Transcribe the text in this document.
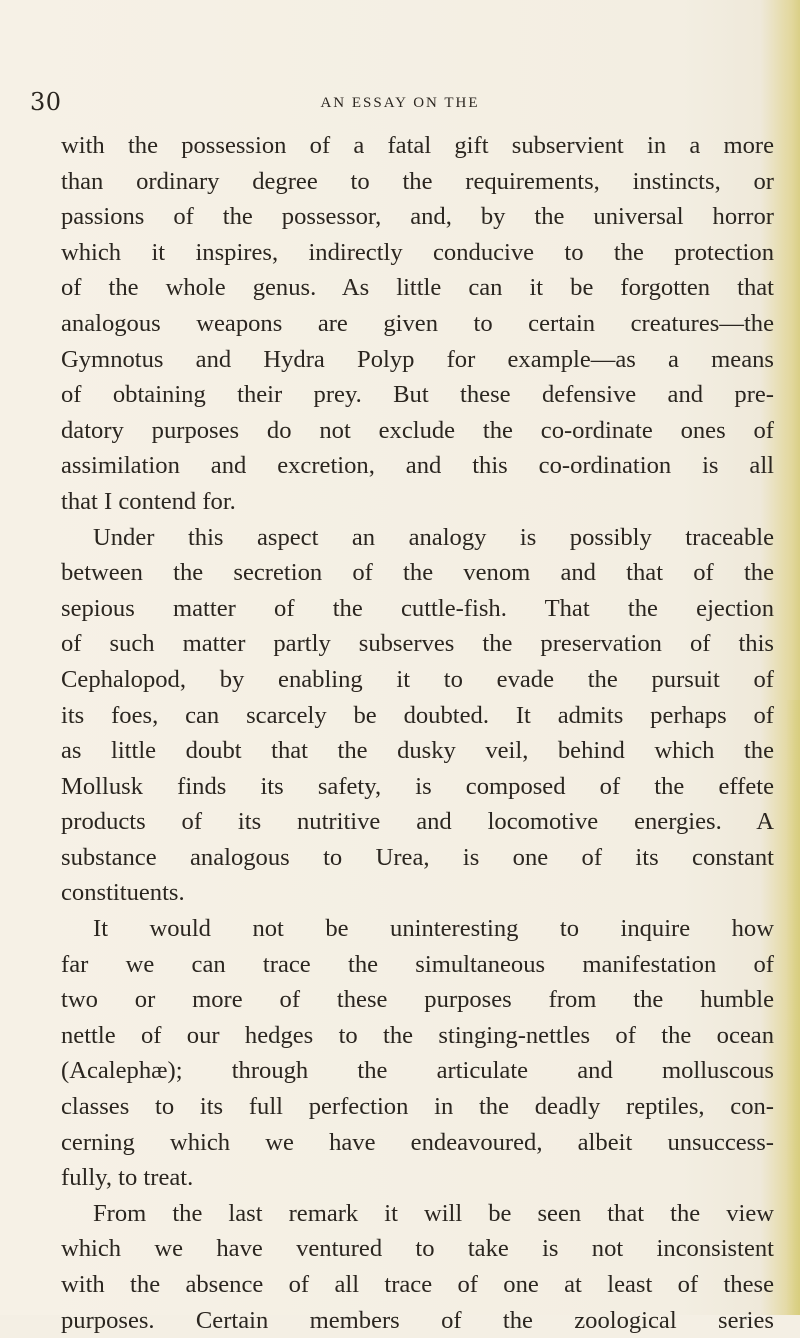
30	AN ESSAY ON THE
with the possession of a fatal gift subservient in a more
than ordinary degree to the requirements, instincts, or
passions of the possessor, and, by the universal horror
which it inspires, indirectly conducive to the protection
of the whole genus. As little can it be forgotten that
analogous weapons are given to certain creatures—the
Gymnotus and Hydra Polyp for example—as a means
of obtaining their prey. But these defensive and pre-
datory purposes do not exclude the co-ordinate ones of
assimilation and excretion, and this co-ordination is all
that I contend for.
Under this aspect an analogy is possibly traceable
between the secretion of the venom and that of the
sepious matter of the cuttle-fish. That the ejection
of such matter partly subserves the preservation of this
Cephalopod, by enabling it to evade the pursuit of
its foes, can scarcely be doubted. It admits perhaps of
as little doubt that the dusky veil, behind which the
Mollusk finds its safety, is composed of the effete
products of its nutritive and locomotive energies. A
substance analogous to Urea, is one of its constant
constituents.
It would not be uninteresting to inquire how
far we can trace the simultaneous manifestation of
two or more of these purposes from the humble
nettle of our hedges to the stinging-nettles of the ocean
(Acalephæ); through the articulate and molluscous
classes to its full perfection in the deadly reptiles, con-
cerning which we have endeavoured, albeit unsuccess-
fully, to treat.
From the last remark it will be seen that the view
which we have ventured to take is not inconsistent
with the absence of all trace of one at least of these
purposes. Certain members of the zoological series
